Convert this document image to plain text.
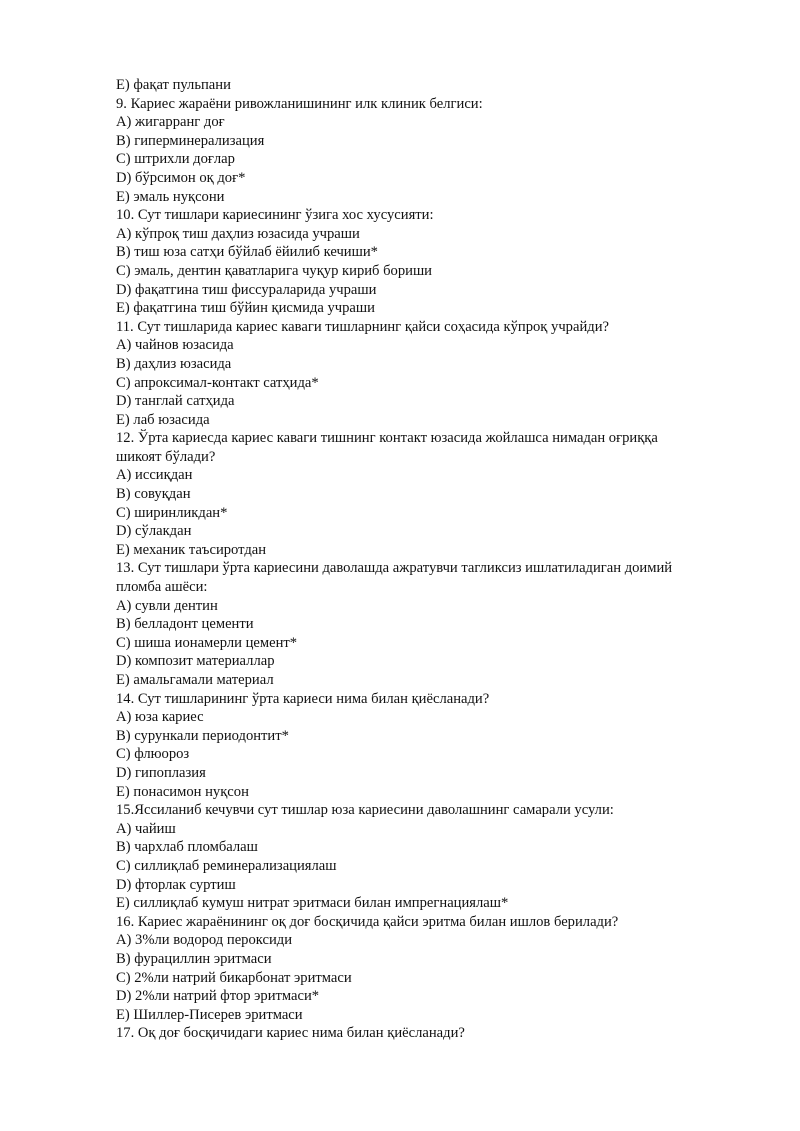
E) фақат пульпани
9. Кариес жараёни ривожланишининг илк клиник белгиси:
А) жигарранг доғ
В) гиперминерализация
С) штрихли доғлар
D) бўрсимон оқ доғ*
Е) эмаль нуқсони
10. Сут тишлари кариесининг ўзига хос хусусияти:
А) кўпроқ тиш даҳлиз юзасида учраши
В) тиш юза сатҳи бўйлаб ёйилиб кечиши*
С) эмаль, дентин қаватларига чуқур кириб бориши
D) фақатгина тиш фиссураларида учраши
Е) фақатгина тиш бўйин қисмида учраши
11. Сут тишларида кариес каваги тишларнинг қайси соҳасида кўпроқ учрайди?
А) чайнов юзасида
В) даҳлиз юзасида
С) апроксимал-контакт сатҳида*
D) танглай сатҳида
Е) лаб юзасида
12. Ўрта кариесда кариес каваги тишнинг контакт юзасида жойлашса нимадан оғриққа
шикоят бўлади?
А) иссиқдан
В) совуқдан
С) ширинликдан*
D) сўлакдан
Е) механик таъсиротдан
13. Сут тишлари ўрта кариесини даволашда ажратувчи тагликсиз ишлатиладиган доимий
пломба ашёси:
А) сувли дентин
В) белладонт цементи
С) шиша ионамерли цемент*
D) композит материаллар
Е) амальгамали материал
14. Сут тишларининг ўрта кариеси нима билан қиёсланади?
А) юза кариес
В) сурункали периодонтит*
С) флюороз
D) гипоплазия
Е) понасимон нуқсон
15.Яссиланиб кечувчи сут тишлар юза кариесини даволашнинг самарали усули:
А) чайиш
В) чархлаб пломбалаш
С) силлиқлаб реминерализациялаш
D) фторлак суртиш
Е) силлиқлаб кумуш нитрат эритмаси билан импрегнациялаш*
16. Кариес жараёнининг оқ доғ босқичида қайси эритма билан ишлов берилади?
А) 3%ли водород пероксиди
В) фурациллин эритмаси
С) 2%ли натрий бикарбонат эритмаси
D) 2%ли натрий фтор эритмаси*
Е) Шиллер-Писерев эритмаси
17. Оқ доғ босқичидаги кариес нима билан қиёсланади?
